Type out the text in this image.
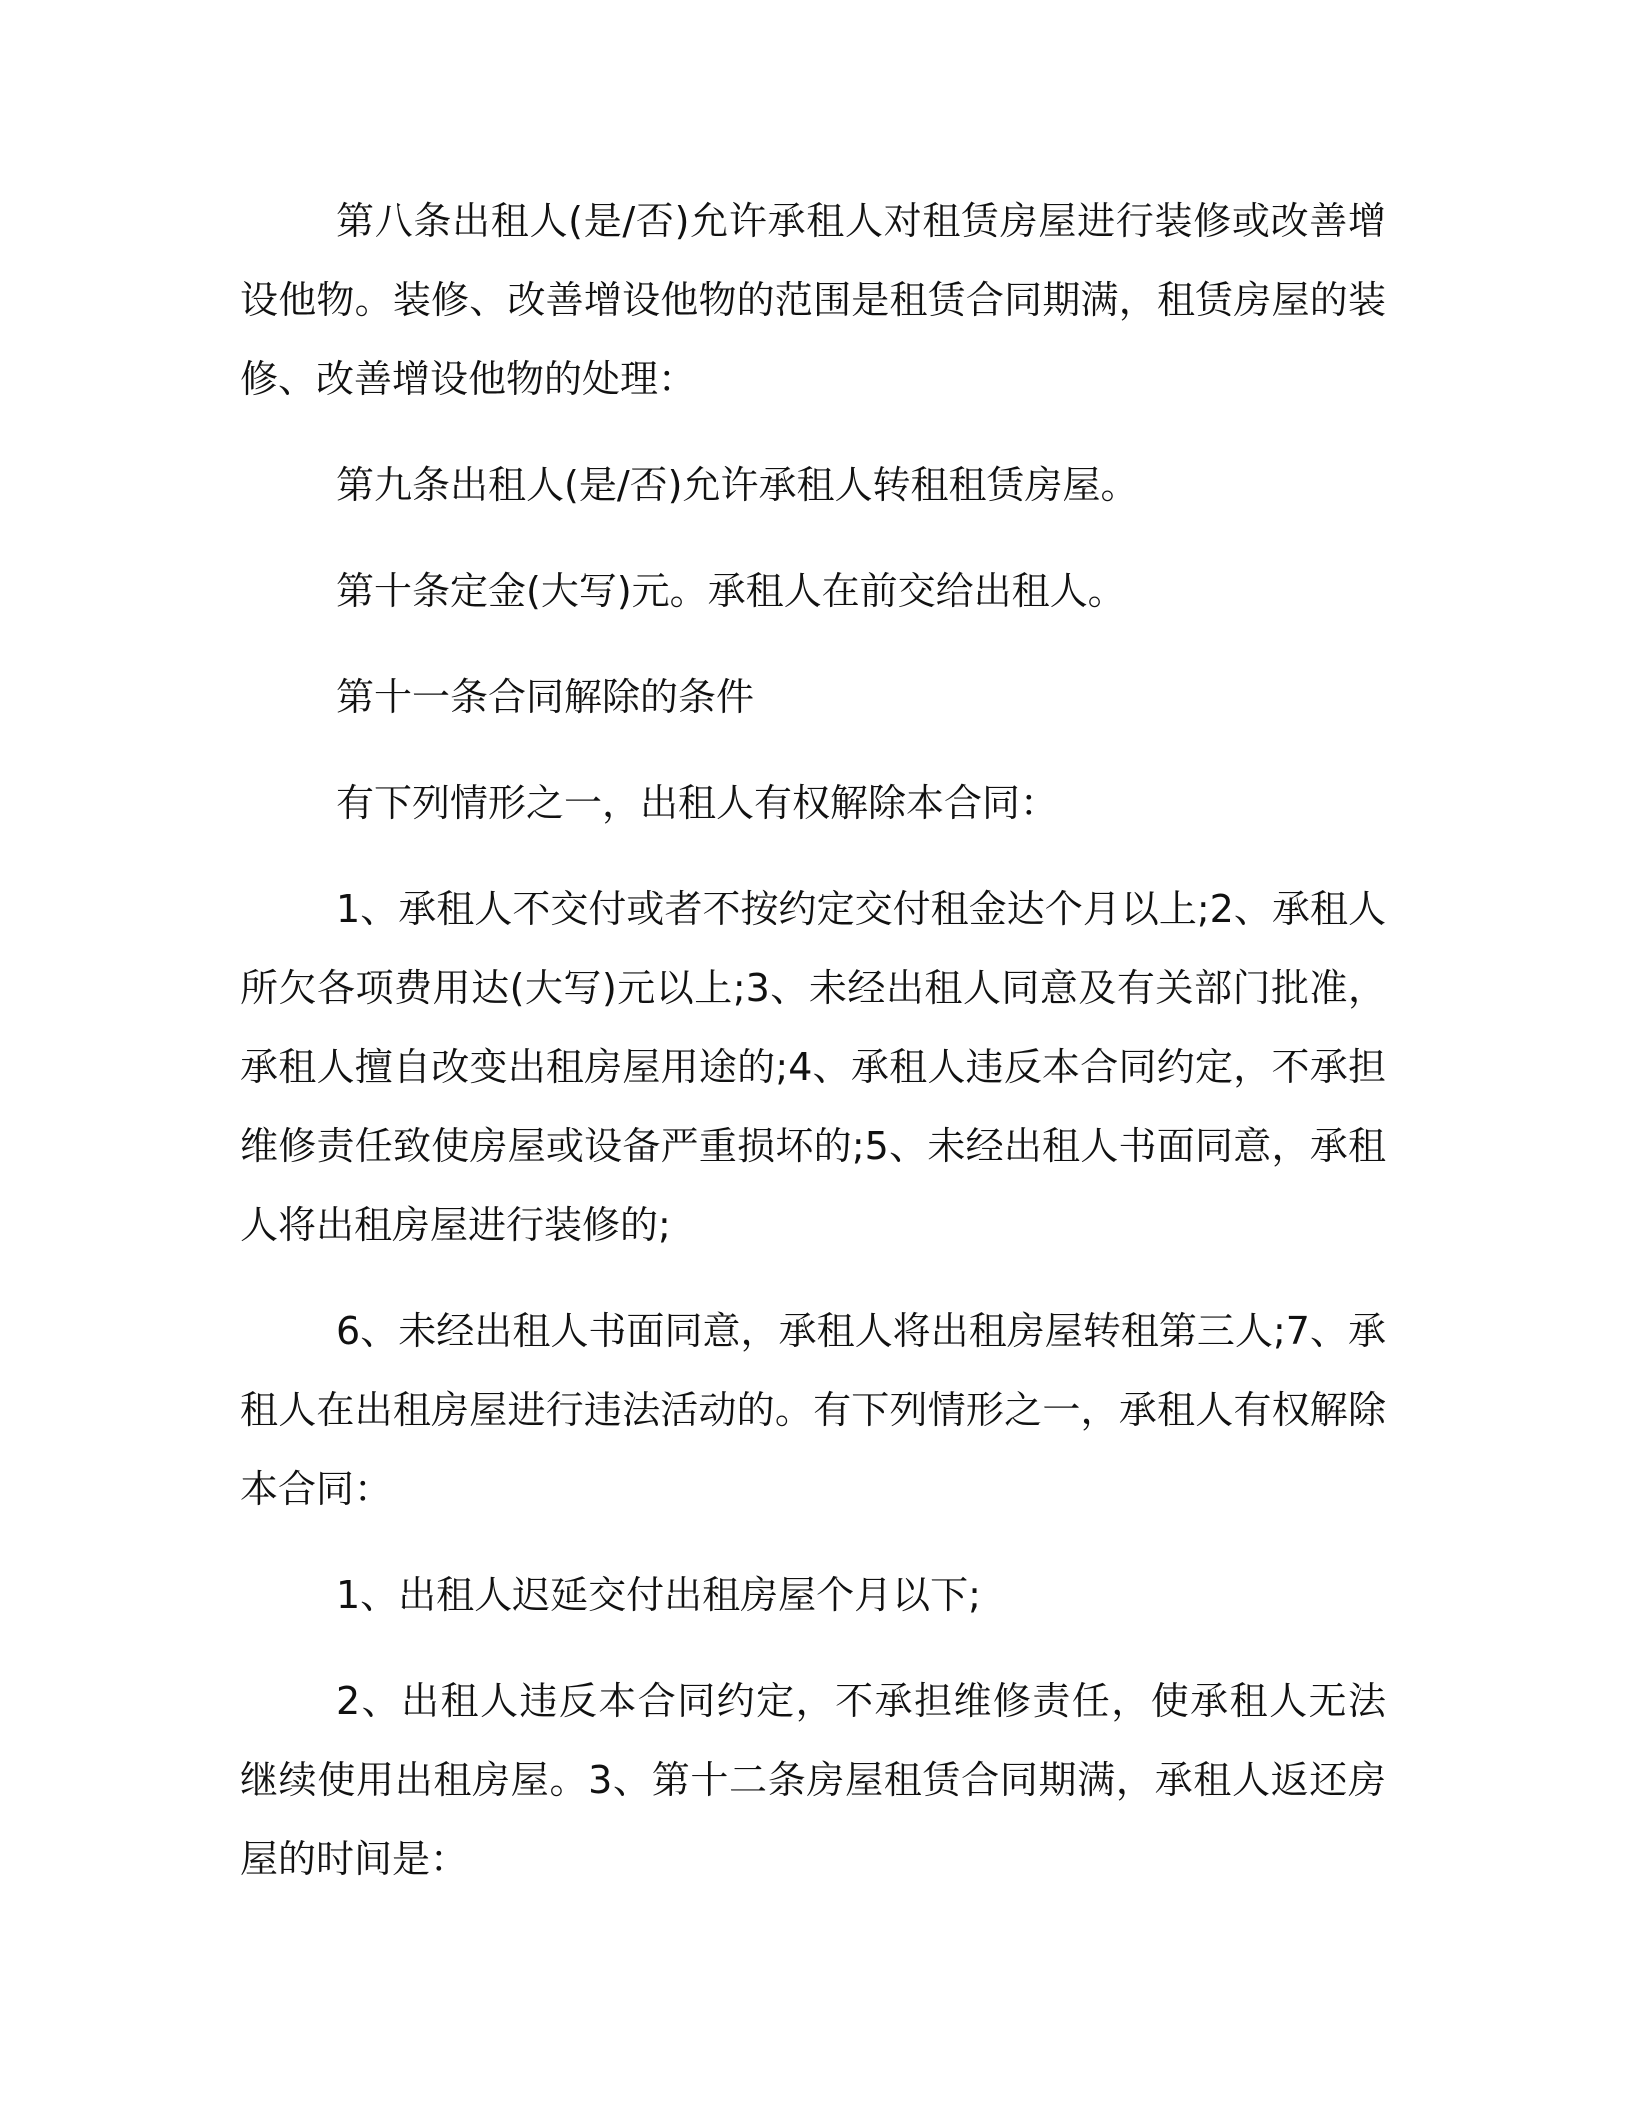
第八条出租人(是/否)允许承租人对租赁房屋进行装修或改善增设他物。装修、改善增设他物的范围是租赁合同期满，租赁房屋的装修、改善增设他物的处理：

第九条出租人(是/否)允许承租人转租租赁房屋。

第十条定金(大写)元。承租人在前交给出租人。

第十一条合同解除的条件

有下列情形之一，出租人有权解除本合同：

1、承租人不交付或者不按约定交付租金达个月以上;2、承租人所欠各项费用达(大写)元以上;3、未经出租人同意及有关部门批准，承租人擅自改变出租房屋用途的;4、承租人违反本合同约定，不承担维修责任致使房屋或设备严重损坏的;5、未经出租人书面同意，承租人将出租房屋进行装修的;

6、未经出租人书面同意，承租人将出租房屋转租第三人;7、承租人在出租房屋进行违法活动的。有下列情形之一，承租人有权解除本合同：

1、出租人迟延交付出租房屋个月以下;

2、出租人违反本合同约定，不承担维修责任，使承租人无法继续使用出租房屋。3、第十二条房屋租赁合同期满，承租人返还房屋的时间是：
